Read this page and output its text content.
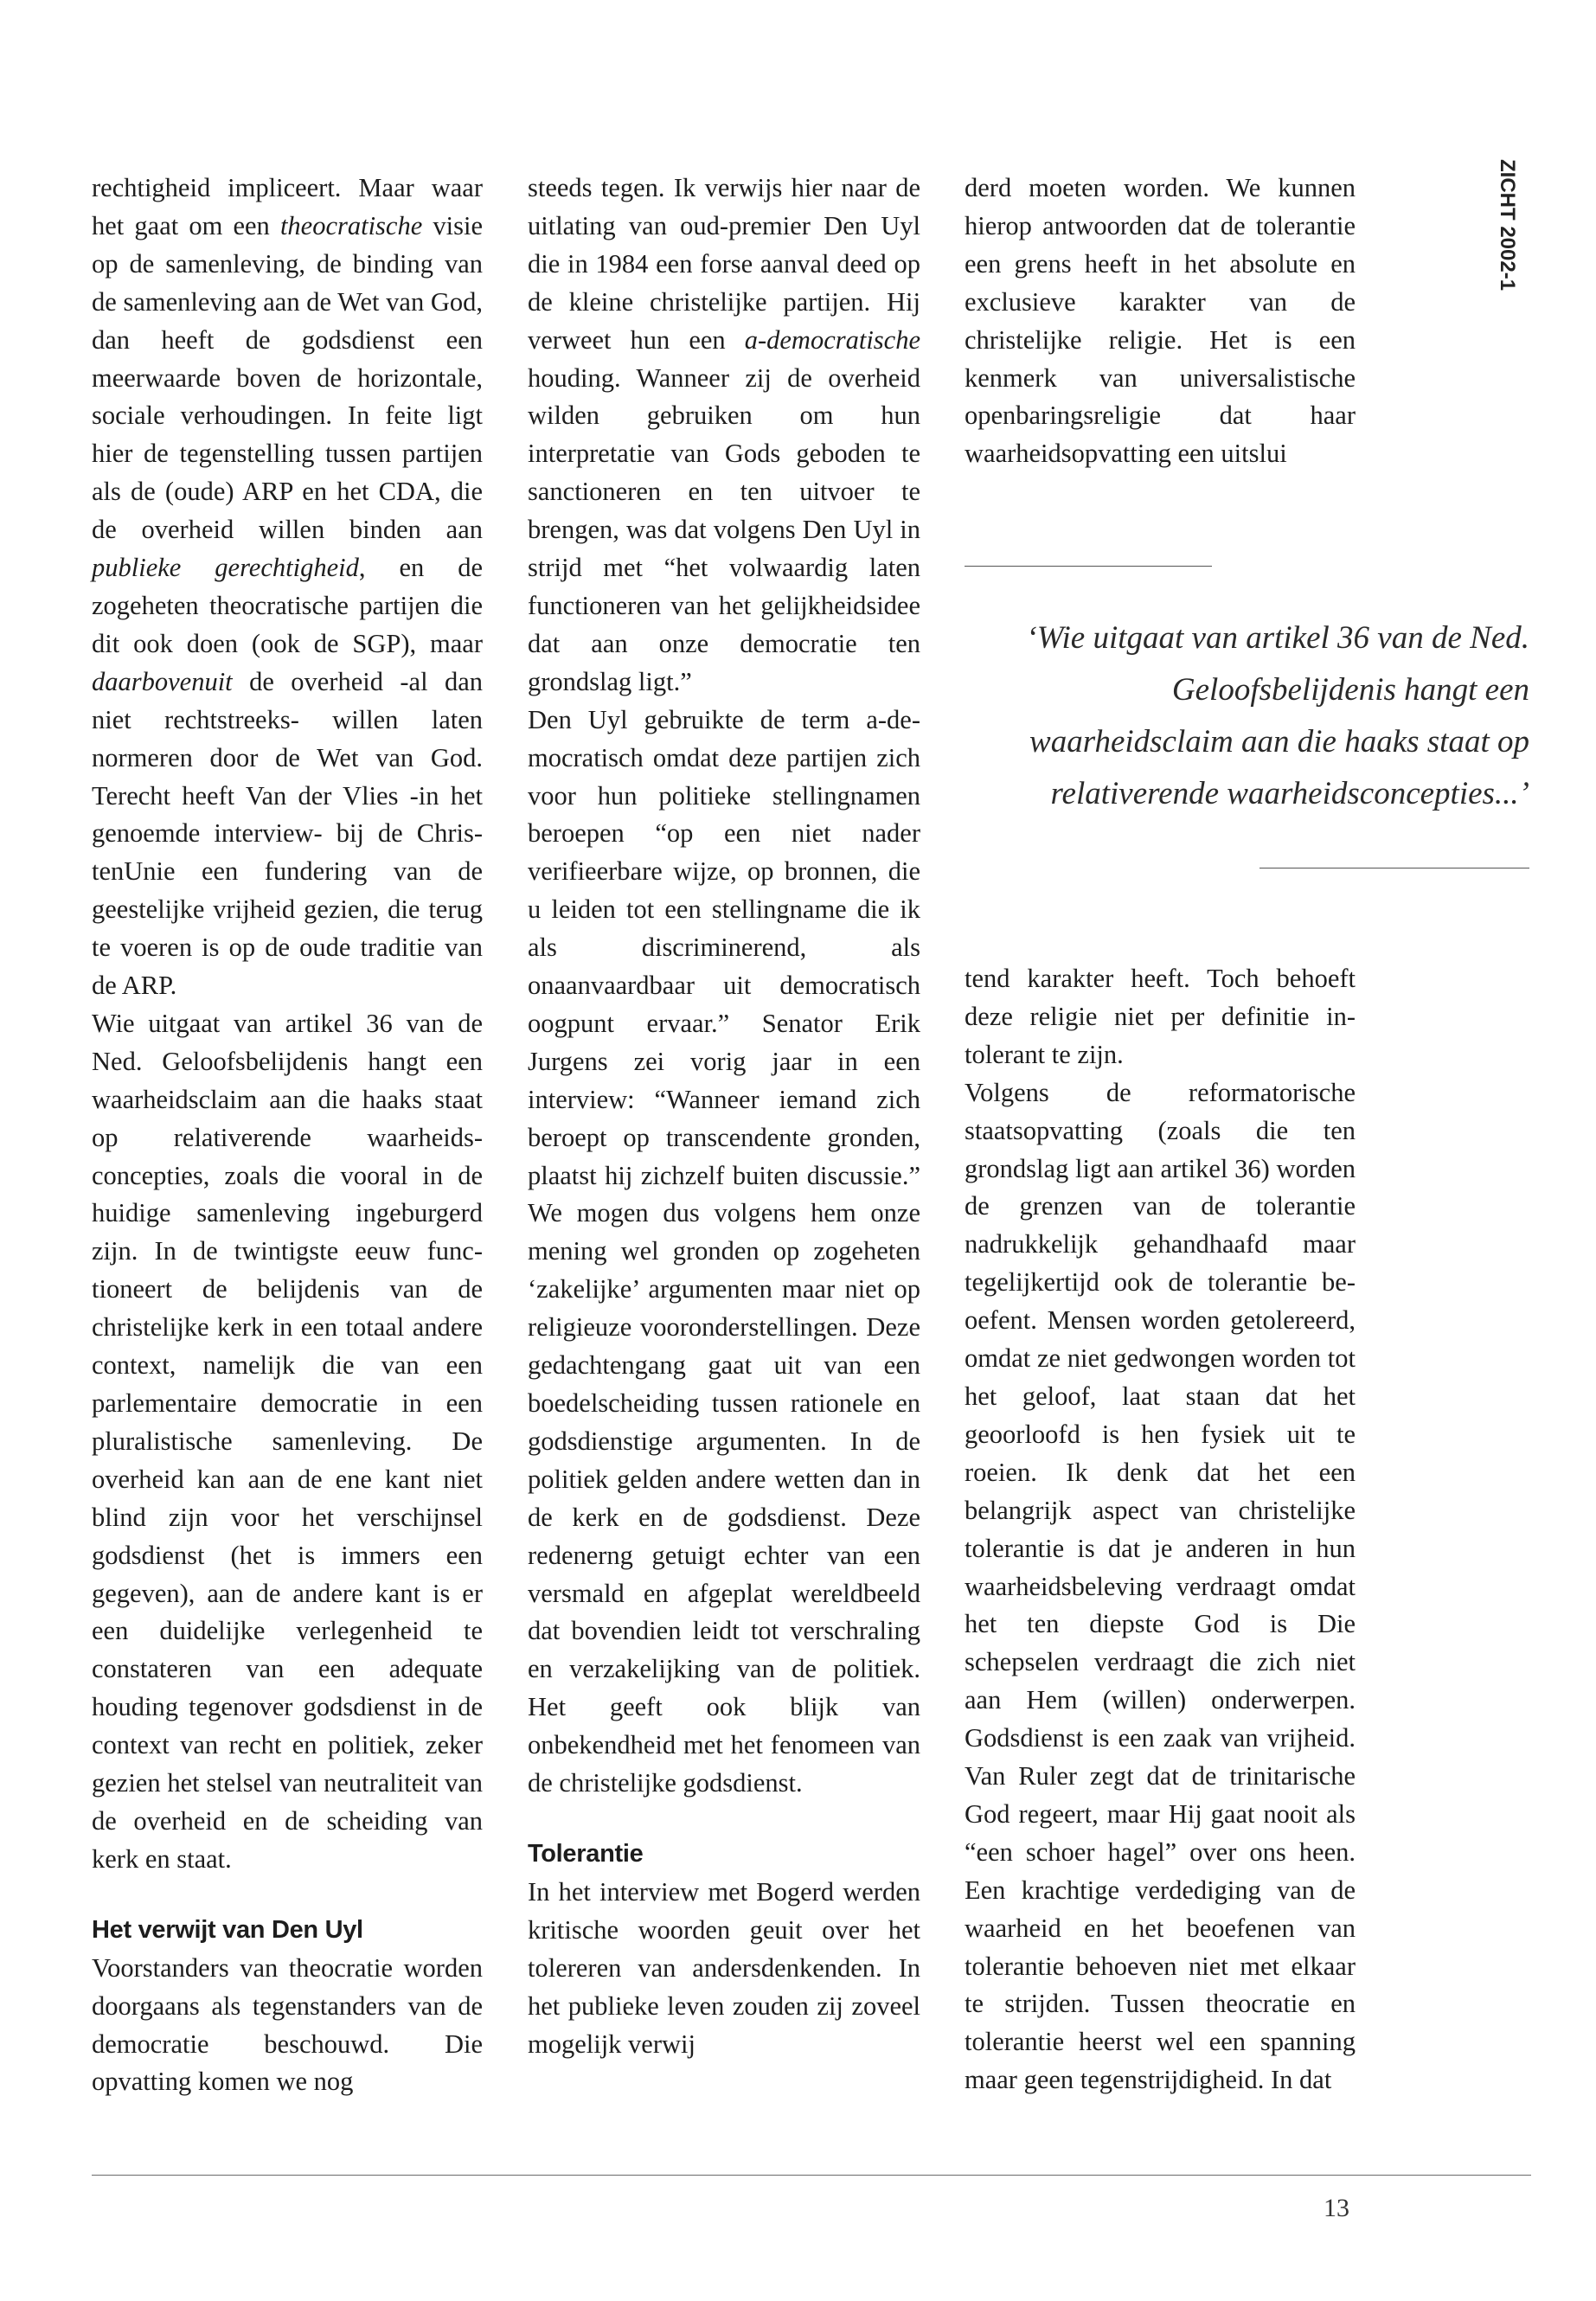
ZICHT 2002-1

rechtigheid impliceert. Maar waar het gaat om een theocratische visie op de samenleving, de binding van de samenleving aan de Wet van God, dan heeft de godsdienst een meerwaarde boven de horizontale, sociale verhoudingen. In feite ligt hier de tegenstelling tussen partijen als de (oude) ARP en het CDA, die de overheid willen binden aan publieke gerechtigheid, en de zogeheten theocratische partijen die dit ook doen (ook de SGP), maar daarbovenuit de overheid -al dan niet rechtstreeks- willen laten normeren door de Wet van God. Terecht heeft Van der Vlies -in het genoemde interview- bij de ChristenUnie een fundering van de geestelijke vrijheid gezien, die terug te voeren is op de oude traditie van de ARP.

Wie uitgaat van artikel 36 van de Ned. Geloofsbelijdenis hangt een waarheidsclaim aan die haaks staat op relativerende waarheidsconcepties, zoals die vooral in de huidige samenleving ingeburgerd zijn. In de twintigste eeuw functioneert de belijdenis van de christelijke kerk in een totaal andere context, namelijk die van een parlementaire democratie in een pluralistische samenleving. De overheid kan aan de ene kant niet blind zijn voor het verschijnsel godsdienst (het is immers een gegeven), aan de andere kant is er een duidelijke verlegenheid te constateren van een adequate houding tegenover godsdienst in de context van recht en politiek, zeker gezien het stelsel van neutraliteit van de overheid en de scheiding van kerk en staat.

Het verwijt van Den Uyl

Voorstanders van theocratie worden doorgaans als tegenstanders van de democratie beschouwd. Die opvatting komen we nog

steeds tegen. Ik verwijs hier naar de uitlating van oud-premier Den Uyl die in 1984 een forse aanval deed op de kleine christelijke partijen. Hij verweet hun een a-democratische houding. Wanneer zij de overheid wilden gebruiken om hun interpretatie van Gods geboden te sanctioneren en ten uitvoer te brengen, was dat volgens Den Uyl in strijd met “het volwaardig laten functioneren van het gelijkheidsidee dat aan onze democratie ten grondslag ligt.”

Den Uyl gebruikte de term a-democratisch omdat deze partijen zich voor hun politieke stellingnamen beroepen “op een niet nader verifieerbare wijze, op bronnen, die u leiden tot een stellingname die ik als discriminerend, als onaanvaardbaar uit democratisch oogpunt ervaar.” Senator Erik Jurgens zei vorig jaar in een interview: “Wanneer iemand zich beroept op transcendente gronden, plaatst hij zichzelf buiten discussie.” We mogen dus volgens hem onze mening wel gronden op zogeheten ‘zakelijke’ argumenten maar niet op religieuze vooronderstellingen. Deze gedachtengang gaat uit van een boedelscheiding tussen rationele en godsdienstige argumenten. In de politiek gelden andere wetten dan in de kerk en de godsdienst. Deze redenerng getuigt echter van een versmald en afgeplat wereldbeeld dat bovendien leidt tot verschraling en verzakelijking van de politiek. Het geeft ook blijk van onbekendheid met het fenomeen van de christelijke godsdienst.

Tolerantie

In het interview met Bogerd werden kritische woorden geuit over het tolereren van andersdenkenden. In het publieke leven zouden zij zoveel mogelijk verwij

derd moeten worden. We kunnen hierop antwoorden dat de tolerantie een grens heeft in het absolute en exclusieve karakter van de christelijke religie. Het is een kenmerk van universalistische openbaringsreligie dat haar waarheidsopvatting een uitslui

‘Wie uitgaat van artikel 36 van de Ned. Geloofsbelijdenis hangt een waarheidsclaim aan die haaks staat op relativerende waarheidsconcepties...’

tend karakter heeft. Toch behoeft deze religie niet per definitie intolerant te zijn.

Volgens de reformatorische staatsopvatting (zoals die ten grondslag ligt aan artikel 36) worden de grenzen van de tolerantie nadrukkelijk gehandhaafd maar tegelijkertijd ook de tolerantie beoefent. Mensen worden getolereerd, omdat ze niet gedwongen worden tot het geloof, laat staan dat het geoorloofd is hen fysiek uit te roeien. Ik denk dat het een belangrijk aspect van christelijke tolerantie is dat je anderen in hun waarheidsbeleving verdraagt omdat het ten diepste God is Die schepselen verdraagt die zich niet aan Hem (willen) onderwerpen. Godsdienst is een zaak van vrijheid. Van Ruler zegt dat de trinitarische God regeert, maar Hij gaat nooit als “een schoer hagel” over ons heen. Een krachtige verdediging van de waarheid en het beoefenen van tolerantie behoeven niet met elkaar te strijden. Tussen theocratie en tolerantie heerst wel een spanning maar geen tegenstrijdigheid. In dat

13
